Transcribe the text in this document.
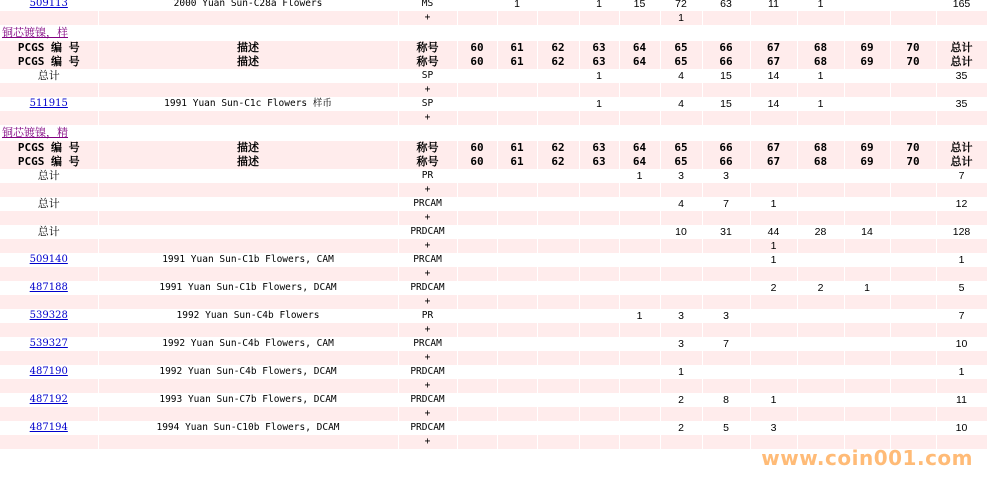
509113	2000 Yuan Sun-C28a Flowers	MS		1		1	15	72	63	11	1			165
		+						1						
铜芯镀镍，样														
PCGS 编 号	描述	称号	60	61	62	63	64	65	66	67	68	69	70	总计
PCGS 编 号	描述	称号	60	61	62	63	64	65	66	67	68	69	70	总计
总计		SP				1		4	15	14	1			35
		+												
511915	1991 Yuan Sun-C1c Flowers 样币	SP				1		4	15	14	1			35
		+												
铜芯镀镍，精														
PCGS 编 号	描述	称号	60	61	62	63	64	65	66	67	68	69	70	总计
PCGS 编 号	描述	称号	60	61	62	63	64	65	66	67	68	69	70	总计
总计		PR					1	3	3					7
		+												
总计		PRCAM						4	7	1				12
		+												
总计		PRDCAM						10	31	44	28	14		128
		+								1				
509140	1991 Yuan Sun-C1b Flowers, CAM	PRCAM								1				1
		+												
487188	1991 Yuan Sun-C1b Flowers, DCAM	PRDCAM								2	2	1		5
		+												
539328	1992 Yuan Sun-C4b Flowers	PR					1	3	3					7
		+												
539327	1992 Yuan Sun-C4b Flowers, CAM	PRCAM						3	7					10
		+												
487190	1992 Yuan Sun-C4b Flowers, DCAM	PRDCAM						1						1
		+												
487192	1993 Yuan Sun-C7b Flowers, DCAM	PRDCAM						2	8	1				11
		+												
487194	1994 Yuan Sun-C10b Flowers, DCAM	PRDCAM						2	5	3				10
		+												
www.coin001.com
